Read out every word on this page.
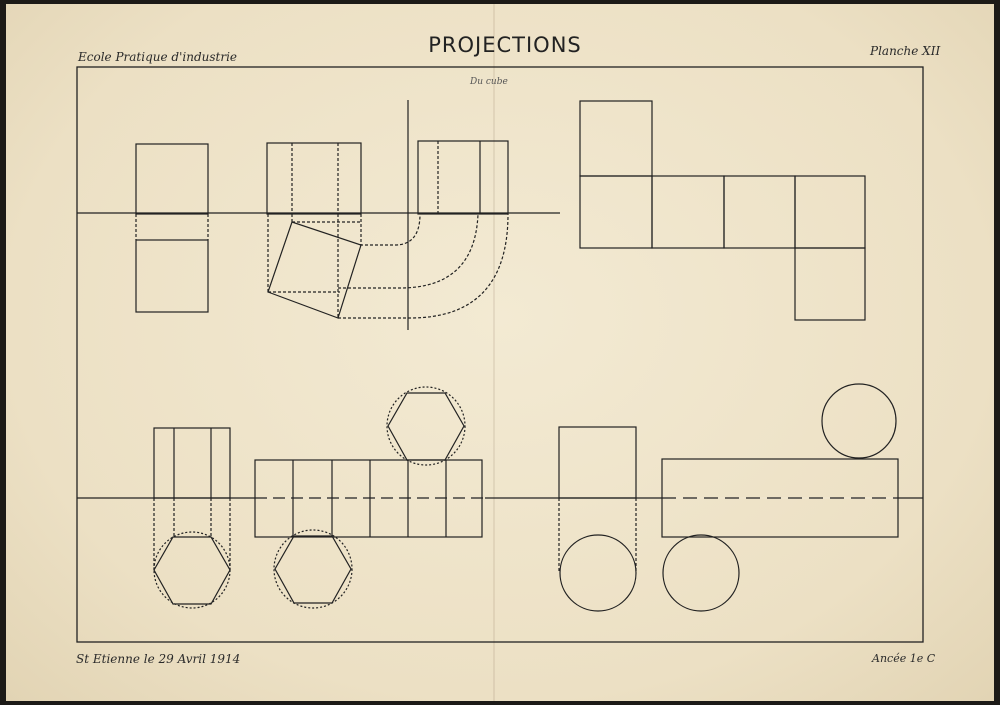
Ecole Pratique d'industrie	PROJECTIONS	Planche XII
Du cube
St Etienne le 29 Avril 1914	Ancée 1e C
